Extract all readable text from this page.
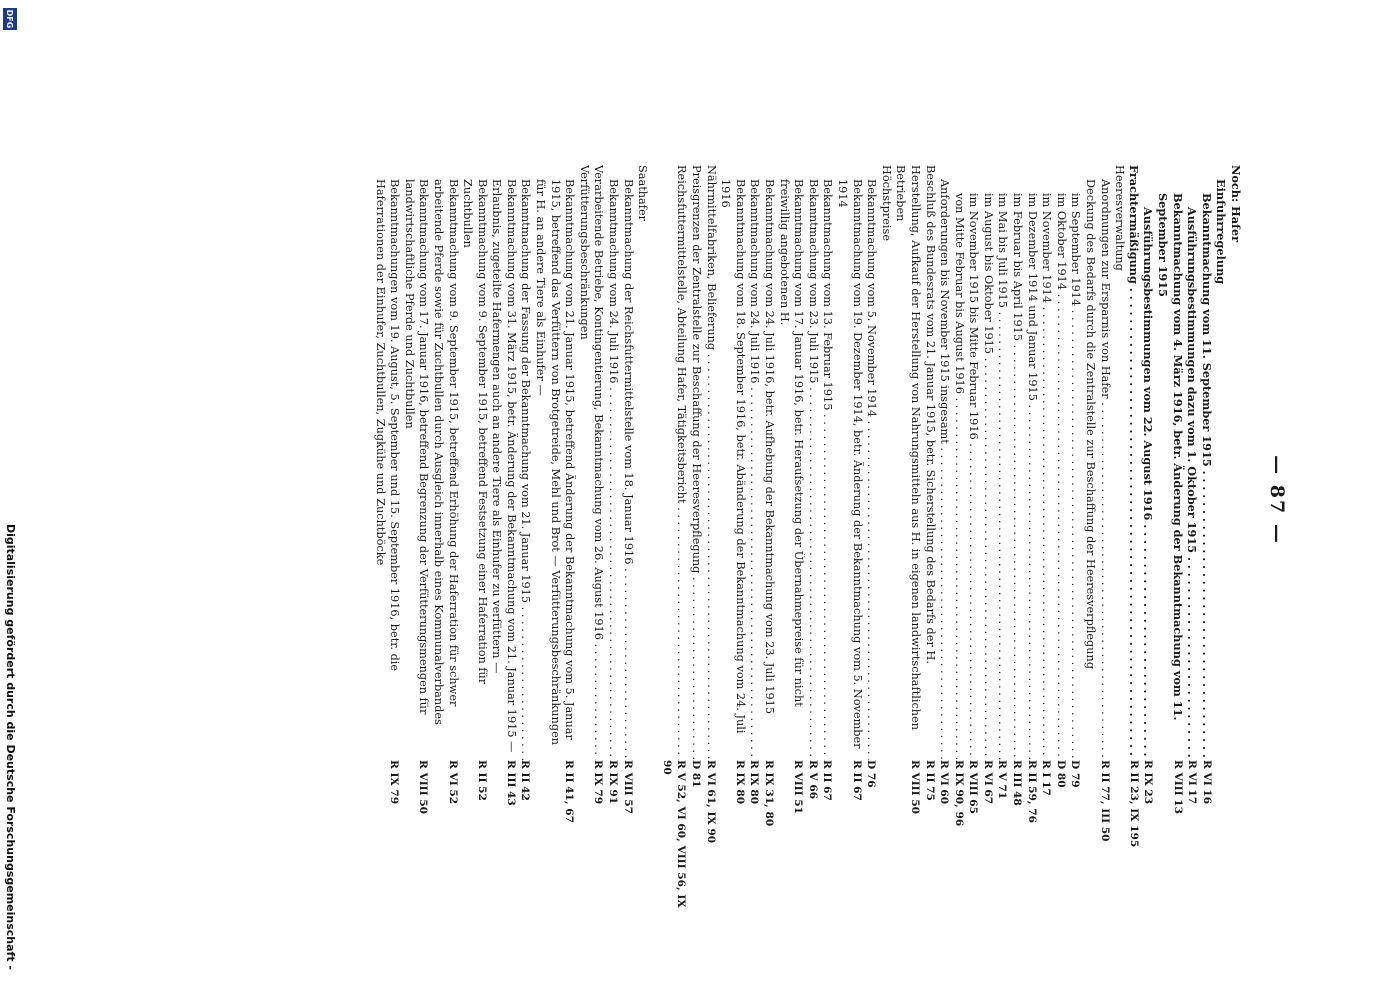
— 87 —
Noch: Hafer
Einfuhrregelung
Bekanntmachung vom 11. September 1915 . . .
R VI 16
Ausführungsbestimmungen dazu vom 1. Oktober 1915 . . .
R VI 17
Bekanntmachung vom 4. März 1916, betr. Änderung der Bekanntmachung vom 11. September 1915
R VIII 13
Ausführungsbestimmungen vom 22. August 1916 . . .
R IX 23
Frachtermäßigung . . .
R II 23, IX 195
Heeresverwaltung
Anordnungen zur Ersparnis von Hafer . . .
R II 77, III 50
Deckung des Bedarfs durch die Zentralstelle zur Beschaffung der Heeresverpflegung
im September 1914 . . .
D 79
im Oktober 1914 . . .
D 80
im November 1914 . . .
R I 17
im Dezember 1914 und Januar 1915 . . .
R II 59, 76
im Februar bis April 1915 . . .
R III 48
im Mai bis Juli 1915 . . .
R V 71
im August bis Oktober 1915 . . .
R VI 67
im November 1915 bis Mitte Februar 1916 . . .
R VIII 65
von Mitte Februar bis August 1916 . . .
R IX 90, 96
Anforderungen bis November 1915 insgesamt . . .
R VI 60
Beschluß des Bundesrats vom 21. Januar 1915, betr. Sicherstellung des Bedarfs der H.
R II 75
Herstellung, Aufkauf der Herstellung von Nahrungsmitteln aus H. in eigenen landwirtschaftlichen Betrieben
R VIII 50
Höchstpreise
Bekanntmachung vom 5. November 1914 . . .
D 76
Bekanntmachung vom 19. Dezember 1914, betr. Änderung der Bekanntmachung vom 5. November 1914
R II 67
Bekanntmachung vom 13. Februar 1915 . . .
R II 67
Bekanntmachung vom 23. Juli 1915 . . .
R V 66
Bekanntmachung vom 17. Januar 1916, betr. Heraufsetzung der Übernahmepreise für nicht freiwillig angebotenen H.
R VIII 51
Bekanntmachung vom 24. Juli 1916, betr. Aufhebung der Bekanntmachung vom 23. Juli 1915
R IX 31, 80
Bekanntmachung vom 24. Juli 1916 . . .
R IX 80
Bekanntmachung vom 18. September 1916, betr. Abänderung der Bekanntmachung vom 24. Juli 1916
R IX 80
Nährmittelfabriken, Belieferung . . .
R VI 61, IX 90
Preisgrenzen der Zentralstelle zur Beschaffung der Heeresverpflegung . . .
D 81
Reichsfuttermittelstelle, Abteilung Hafer, Tätigkeitsbericht . . .
R V 52, VI 60, VIII 56, IX 90
Saathafer
Bekanntmachung der Reichsfuttermittelstelle vom 18. Januar 1916 . . .
R VIII 57
Bekanntmachung vom 24. Juli 1916 . . .
R IX 91
Verarbeitende Betriebe, Kontingentierung, Bekanntmachung vom 26. August 1916 . . .
R IX 79
Verfütterungsbeschränkungen
Bekanntmachung vom 21. Januar 1915, betreffend Änderung der Bekanntmachung vom 5. Januar 1915, betreffend das Verfüttern von Brotgetreide, Mehl und Brot — Verfütterungsbeschränkungen für H. an andere Tiere als Einhufer —
R II 41, 67
Bekanntmachung der Fassung der Bekanntmachung vom 21. Januar 1915 . . .
R II 42
Bekanntmachung vom 31. März 1915, betr. Änderung der Bekanntmachung vom 21. Januar 1915 — Erlaubnis, zugeteilte Hafermengen auch an andere Tiere als Einhufer zu verfüttern —
R III 43
Bekanntmachung vom 9. September 1915, betreffend Festsetzung einer Haferration für Zuchtbullen
R II 52
Bekanntmachung vom 9. September 1915, betreffend Erhöhung der Haferration für schwer arbeitende Pferde sowie für Zuchtbullen durch Ausgleich innerhalb eines Kommunalverbandes
R VI 52
Bekanntmachung vom 17. Januar 1916, betreffend Begrenzung der Verfütterungsmengen für landwirtschaftliche Pferde und Zuchtbullen
R VIII 50
Bekanntmachungen vom 19. August, 5. September und 15. September 1916, betr. die Haferrationen der Einhufer, Zuchtbullen, Zugkühe und Zuchtböcke
R IX 79
DFG
Digitalisierung gefördert durch die Deutsche Forschungsgemeinschaft -
